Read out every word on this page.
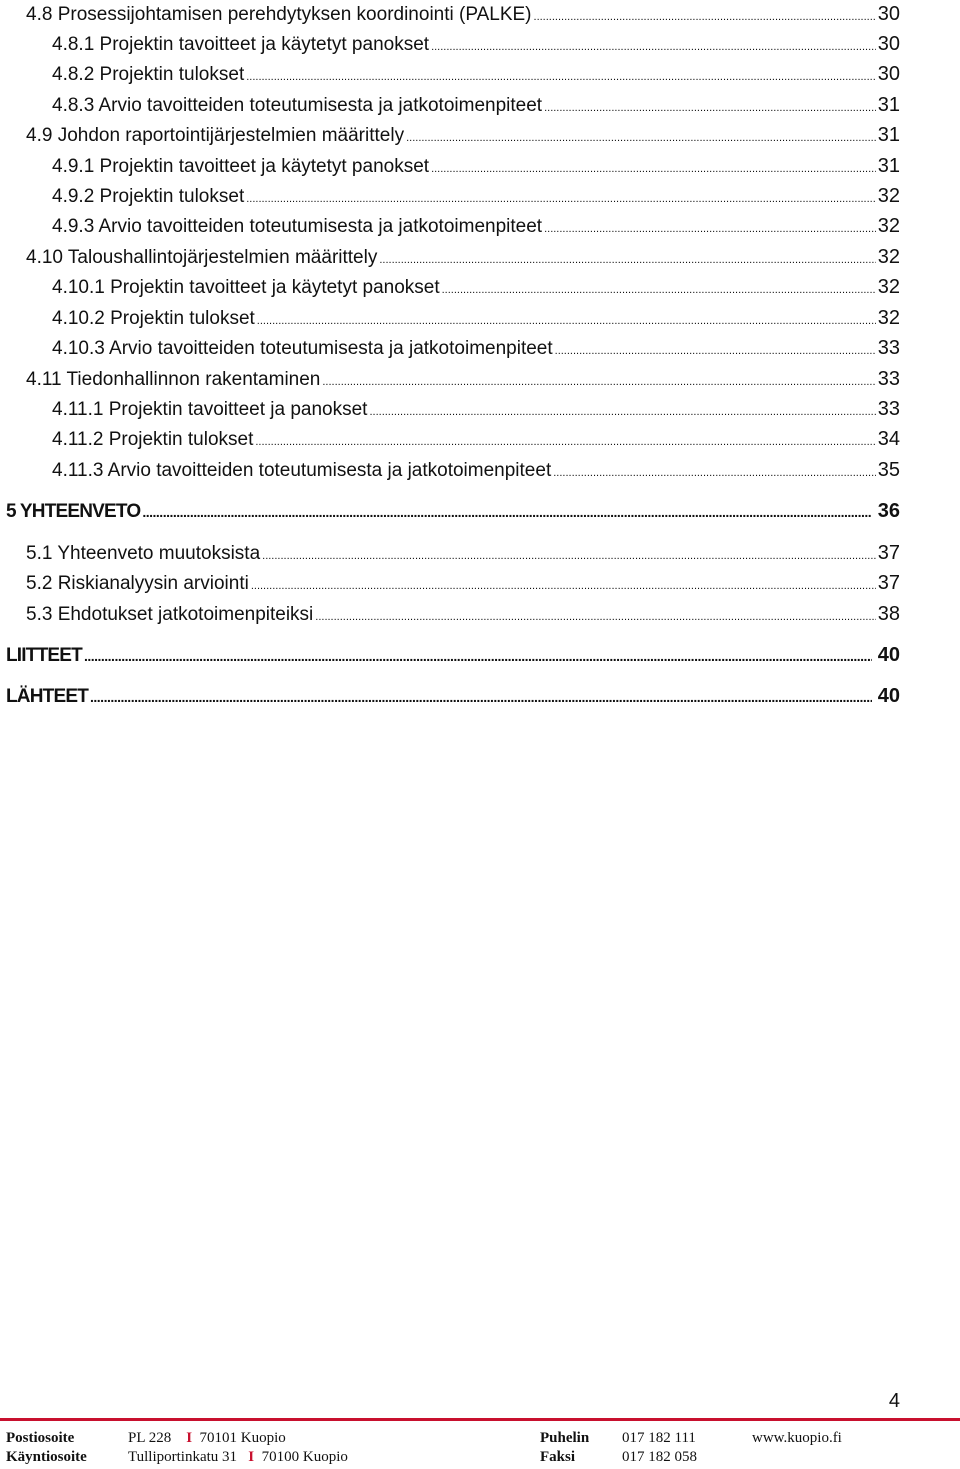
4.8 Prosessijohtamisen perehdytyksen koordinointi (PALKE) .....	30
4.8.1 Projektin tavoitteet ja käytetyt panokset .....	30
4.8.2 Projektin tulokset .....	30
4.8.3 Arvio tavoitteiden toteutumisesta ja jatkotoimenpiteet .....	31
4.9 Johdon raportointijärjestelmien määrittely .....	31
4.9.1 Projektin tavoitteet ja käytetyt panokset .....	31
4.9.2 Projektin tulokset .....	32
4.9.3 Arvio tavoitteiden toteutumisesta ja jatkotoimenpiteet .....	32
4.10 Taloushallintojärjestelmien määrittely .....	32
4.10.1 Projektin tavoitteet ja käytetyt panokset .....	32
4.10.2 Projektin tulokset .....	32
4.10.3 Arvio tavoitteiden toteutumisesta ja jatkotoimenpiteet .....	33
4.11 Tiedonhallinnon rakentaminen .....	33
4.11.1 Projektin tavoitteet ja panokset .....	33
4.11.2 Projektin tulokset .....	34
4.11.3 Arvio tavoitteiden toteutumisesta ja jatkotoimenpiteet .....	35
5 YHTEENVETO .....	36
5.1 Yhteenveto muutoksista .....	37
5.2 Riskianalyysin arviointi .....	37
5.3 Ehdotukset jatkotoimenpiteiksi .....	38
LIITTEET .....	40
LÄHTEET .....	40
4
Postiosoite	PL 228 I 70101 Kuopio	Puhelin 017 182 111	www.kuopio.fi
Käyntiosoite	Tulliportinkatu 31 I 70100 Kuopio	Faksi	017 182 058
